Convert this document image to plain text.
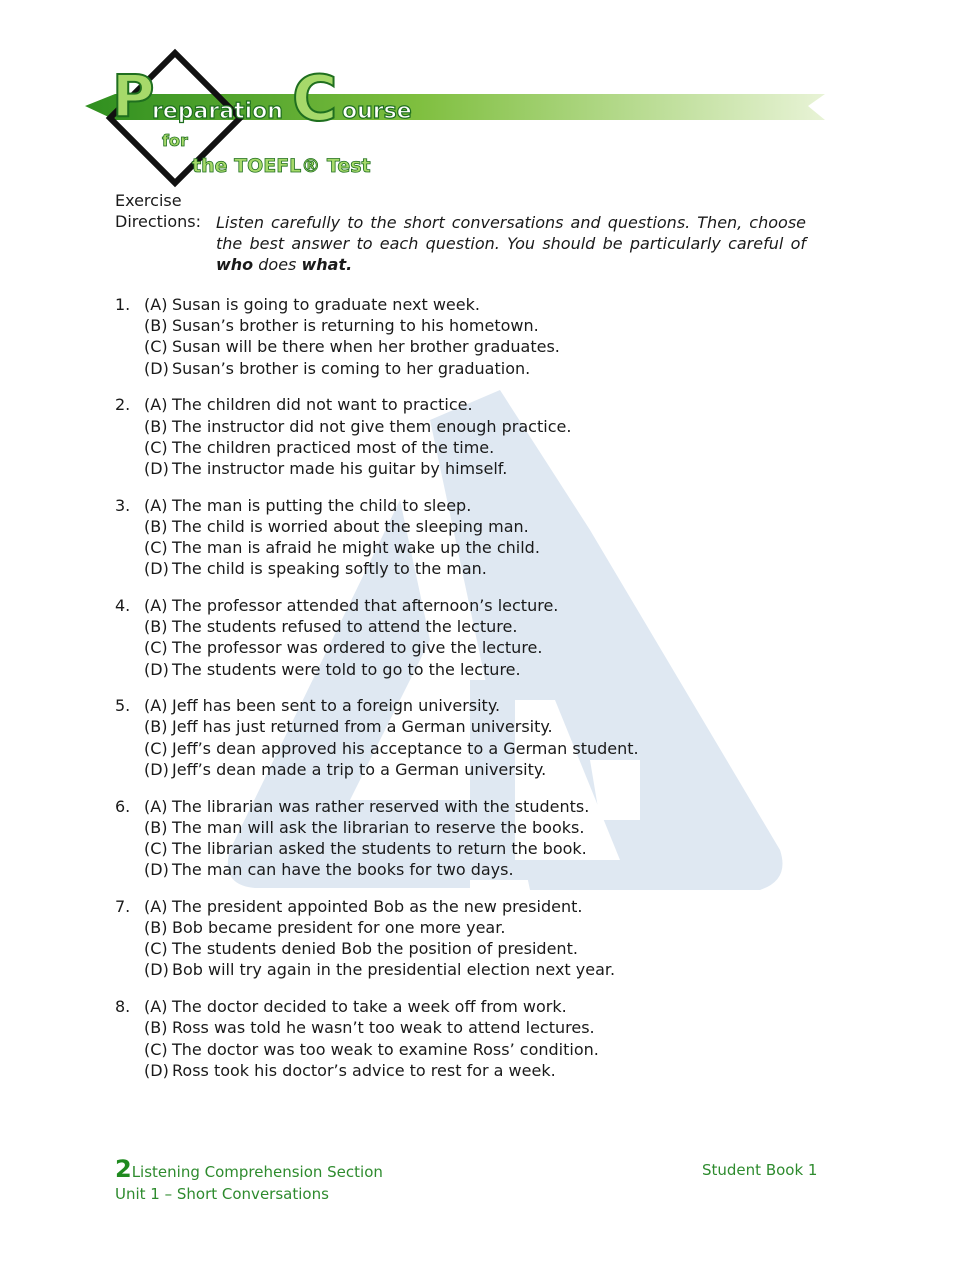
P
reparation C ourse
for
the TOEFL® Test
Exercise
Directions: Listen carefully to the short conversations and questions. Then, choose the best answer to each question. You should be particularly careful of who does what.
1. (A) Susan is going to graduate next week.
(B) Susan’s brother is returning to his hometown.
(C) Susan will be there when her brother graduates.
(D) Susan’s brother is coming to her graduation.
2. (A) The children did not want to practice.
(B) The instructor did not give them enough practice.
(C) The children practiced most of the time.
(D) The instructor made his guitar by himself.
3. (A) The man is putting the child to sleep.
(B) The child is worried about the sleeping man.
(C) The man is afraid he might wake up the child.
(D) The child is speaking softly to the man.
4. (A) The professor attended that afternoon’s lecture.
(B) The students refused to attend the lecture.
(C) The professor was ordered to give the lecture.
(D) The students were told to go to the lecture.
5. (A) Jeff has been sent to a foreign university.
(B) Jeff has just returned from a German university.
(C) Jeff’s dean approved his acceptance to a German student.
(D) Jeff’s dean made a trip to a German university.
6. (A) The librarian was rather reserved with the students.
(B) The man will ask the librarian to reserve the books.
(C) The librarian asked the students to return the book.
(D) The man can have the books for two days.
7. (A) The president appointed Bob as the new president.
(B) Bob became president for one more year.
(C) The students denied Bob the position of president.
(D) Bob will try again in the presidential election next year.
8. (A) The doctor decided to take a week off from work.
(B) Ross was told he wasn’t too weak to attend lectures.
(C) The doctor was too weak to examine Ross’ condition.
(D) Ross took his doctor’s advice to rest for a week.
2Listening Comprehension Section
Unit 1 – Short Conversations
Student Book 1
